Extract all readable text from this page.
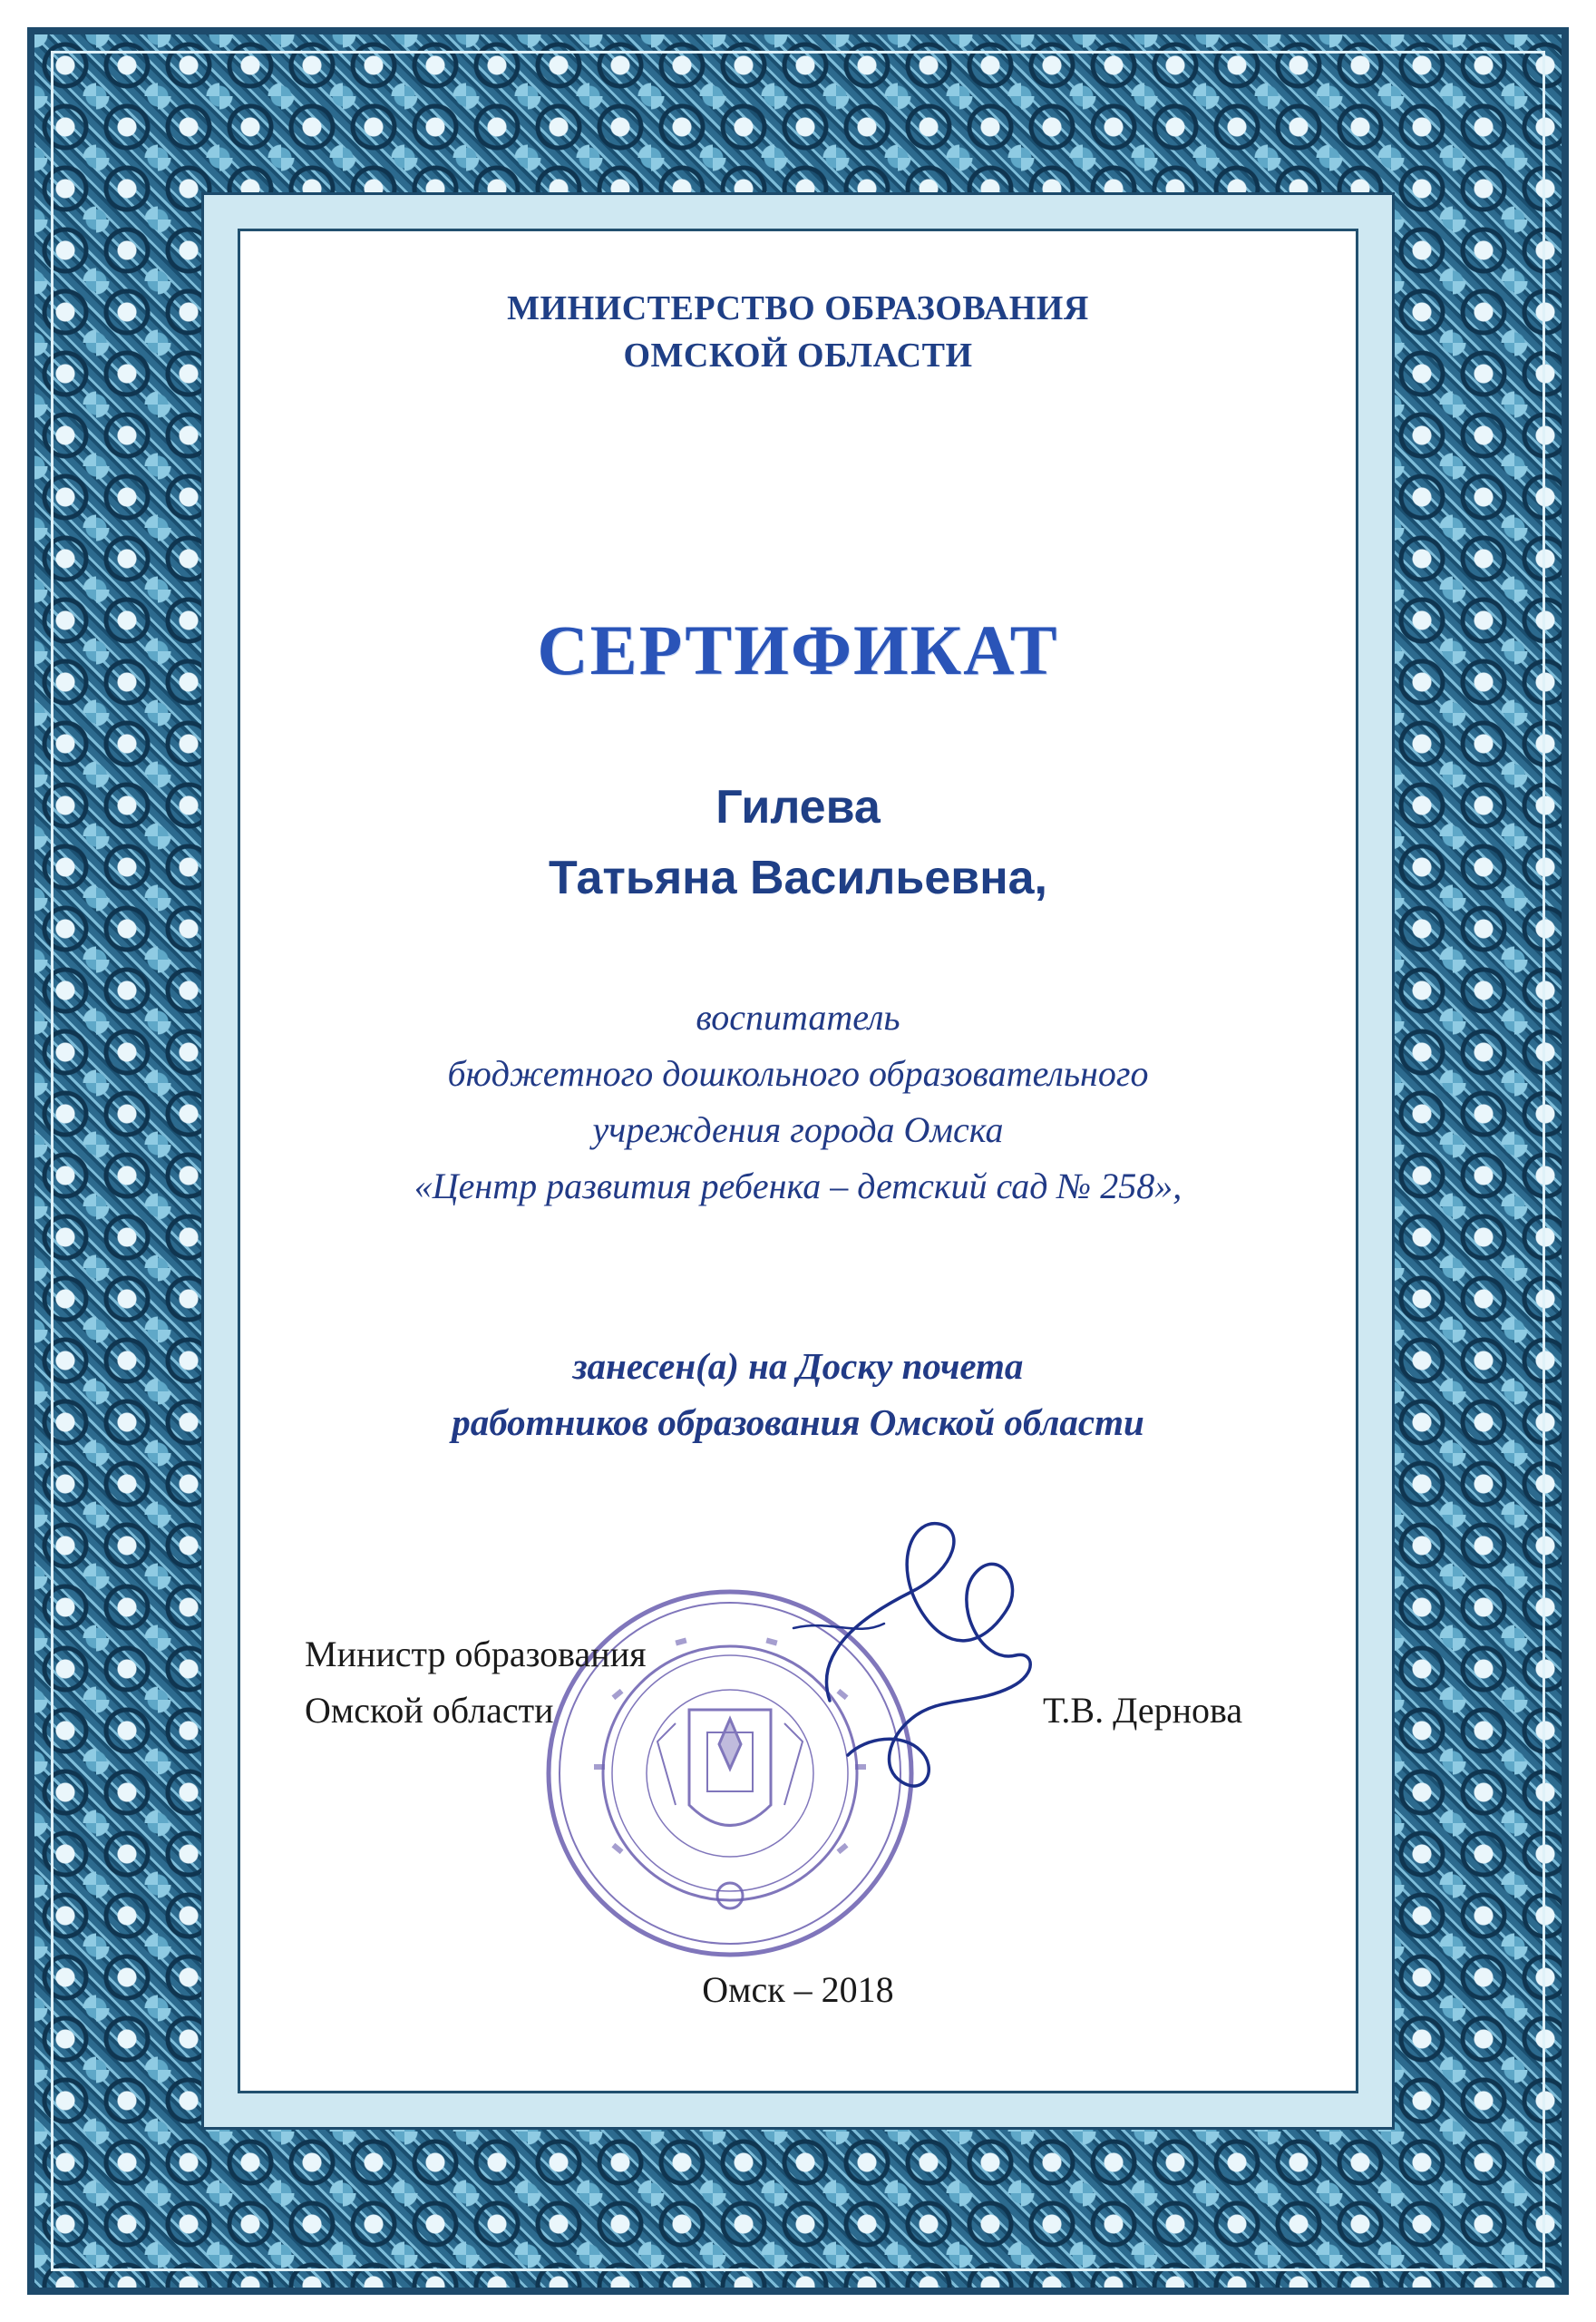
МИНИСТЕРСТВО ОБРАЗОВАНИЯ
ОМСКОЙ ОБЛАСТИ
СЕРТИФИКАТ
Гилева
Татьяна Васильевна,
воспитатель
бюджетного дошкольного образовательного
учреждения города Омска
«Центр развития ребенка – детский сад № 258»,
занесен(а) на Доску почета
работников образования Омской области
Министр образования
Омской области	Т.В. Дернова
Омск – 2018
